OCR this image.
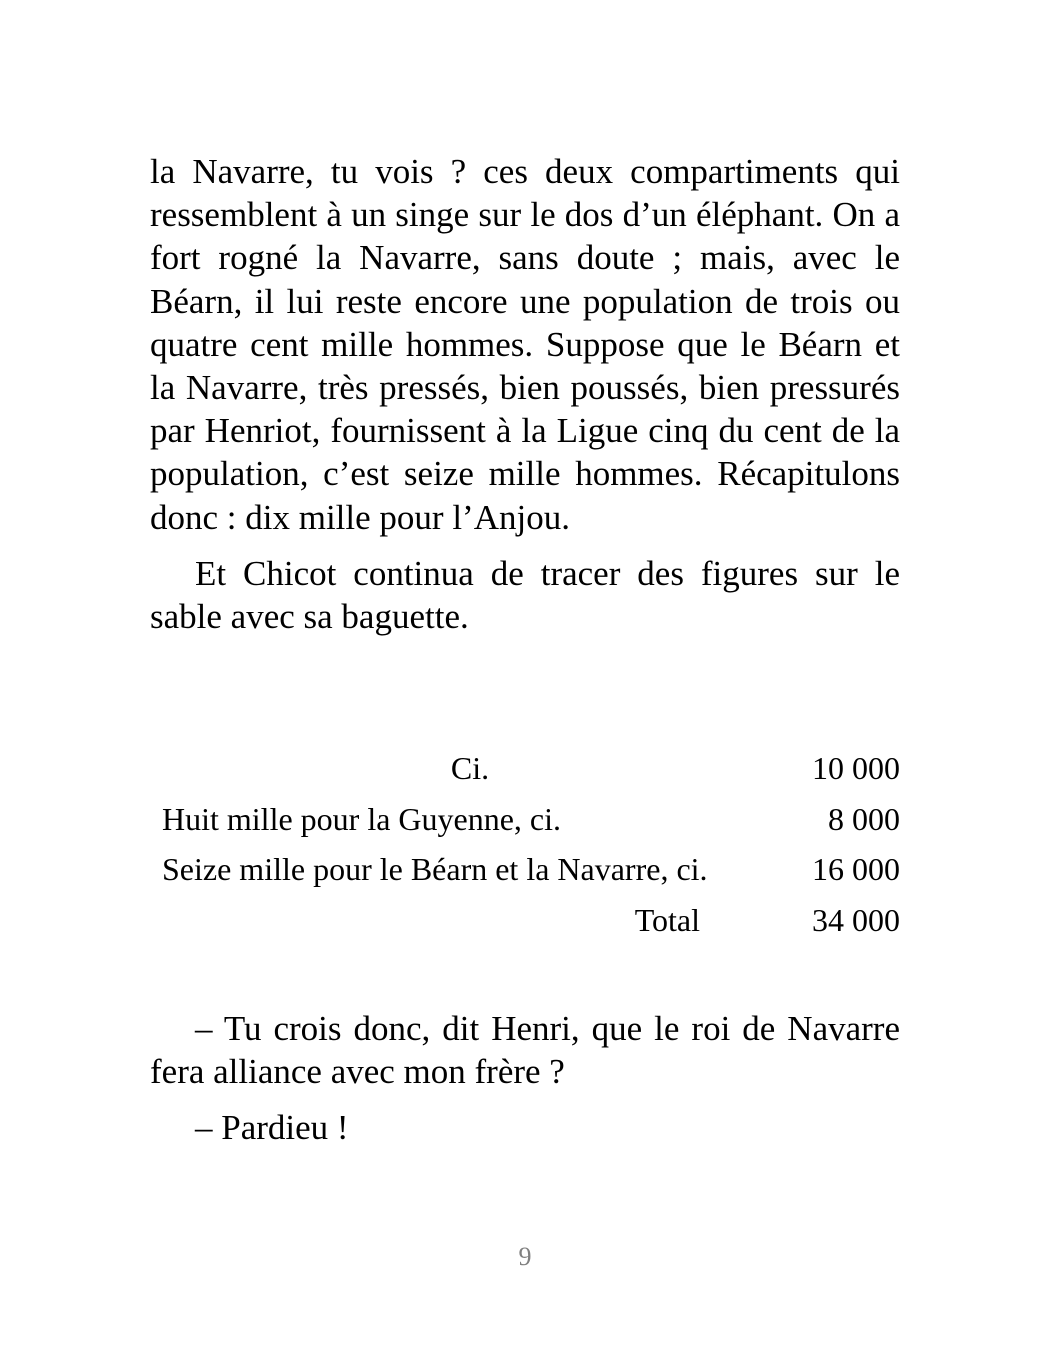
la Navarre, tu vois ? ces deux compartiments qui ressemblent à un singe sur le dos d’un éléphant. On a fort rogné la Navarre, sans doute ; mais, avec le Béarn, il lui reste encore une population de trois ou quatre cent mille hommes. Suppose que le Béarn et la Navarre, très pressés, bien poussés, bien pressurés par Henriot, fournissent à la Ligue cinq du cent de la population, c’est seize mille hommes. Récapitulons donc : dix mille pour l’Anjou.

Et Chicot continua de tracer des figures sur le sable avec sa baguette.

Ci.	10 000
Huit mille pour la Guyenne, ci.	8 000
Seize mille pour le Béarn et la Navarre, ci.	16 000
Total	34 000

– Tu crois donc, dit Henri, que le roi de Navarre fera alliance avec mon frère ?

– Pardieu !

9
